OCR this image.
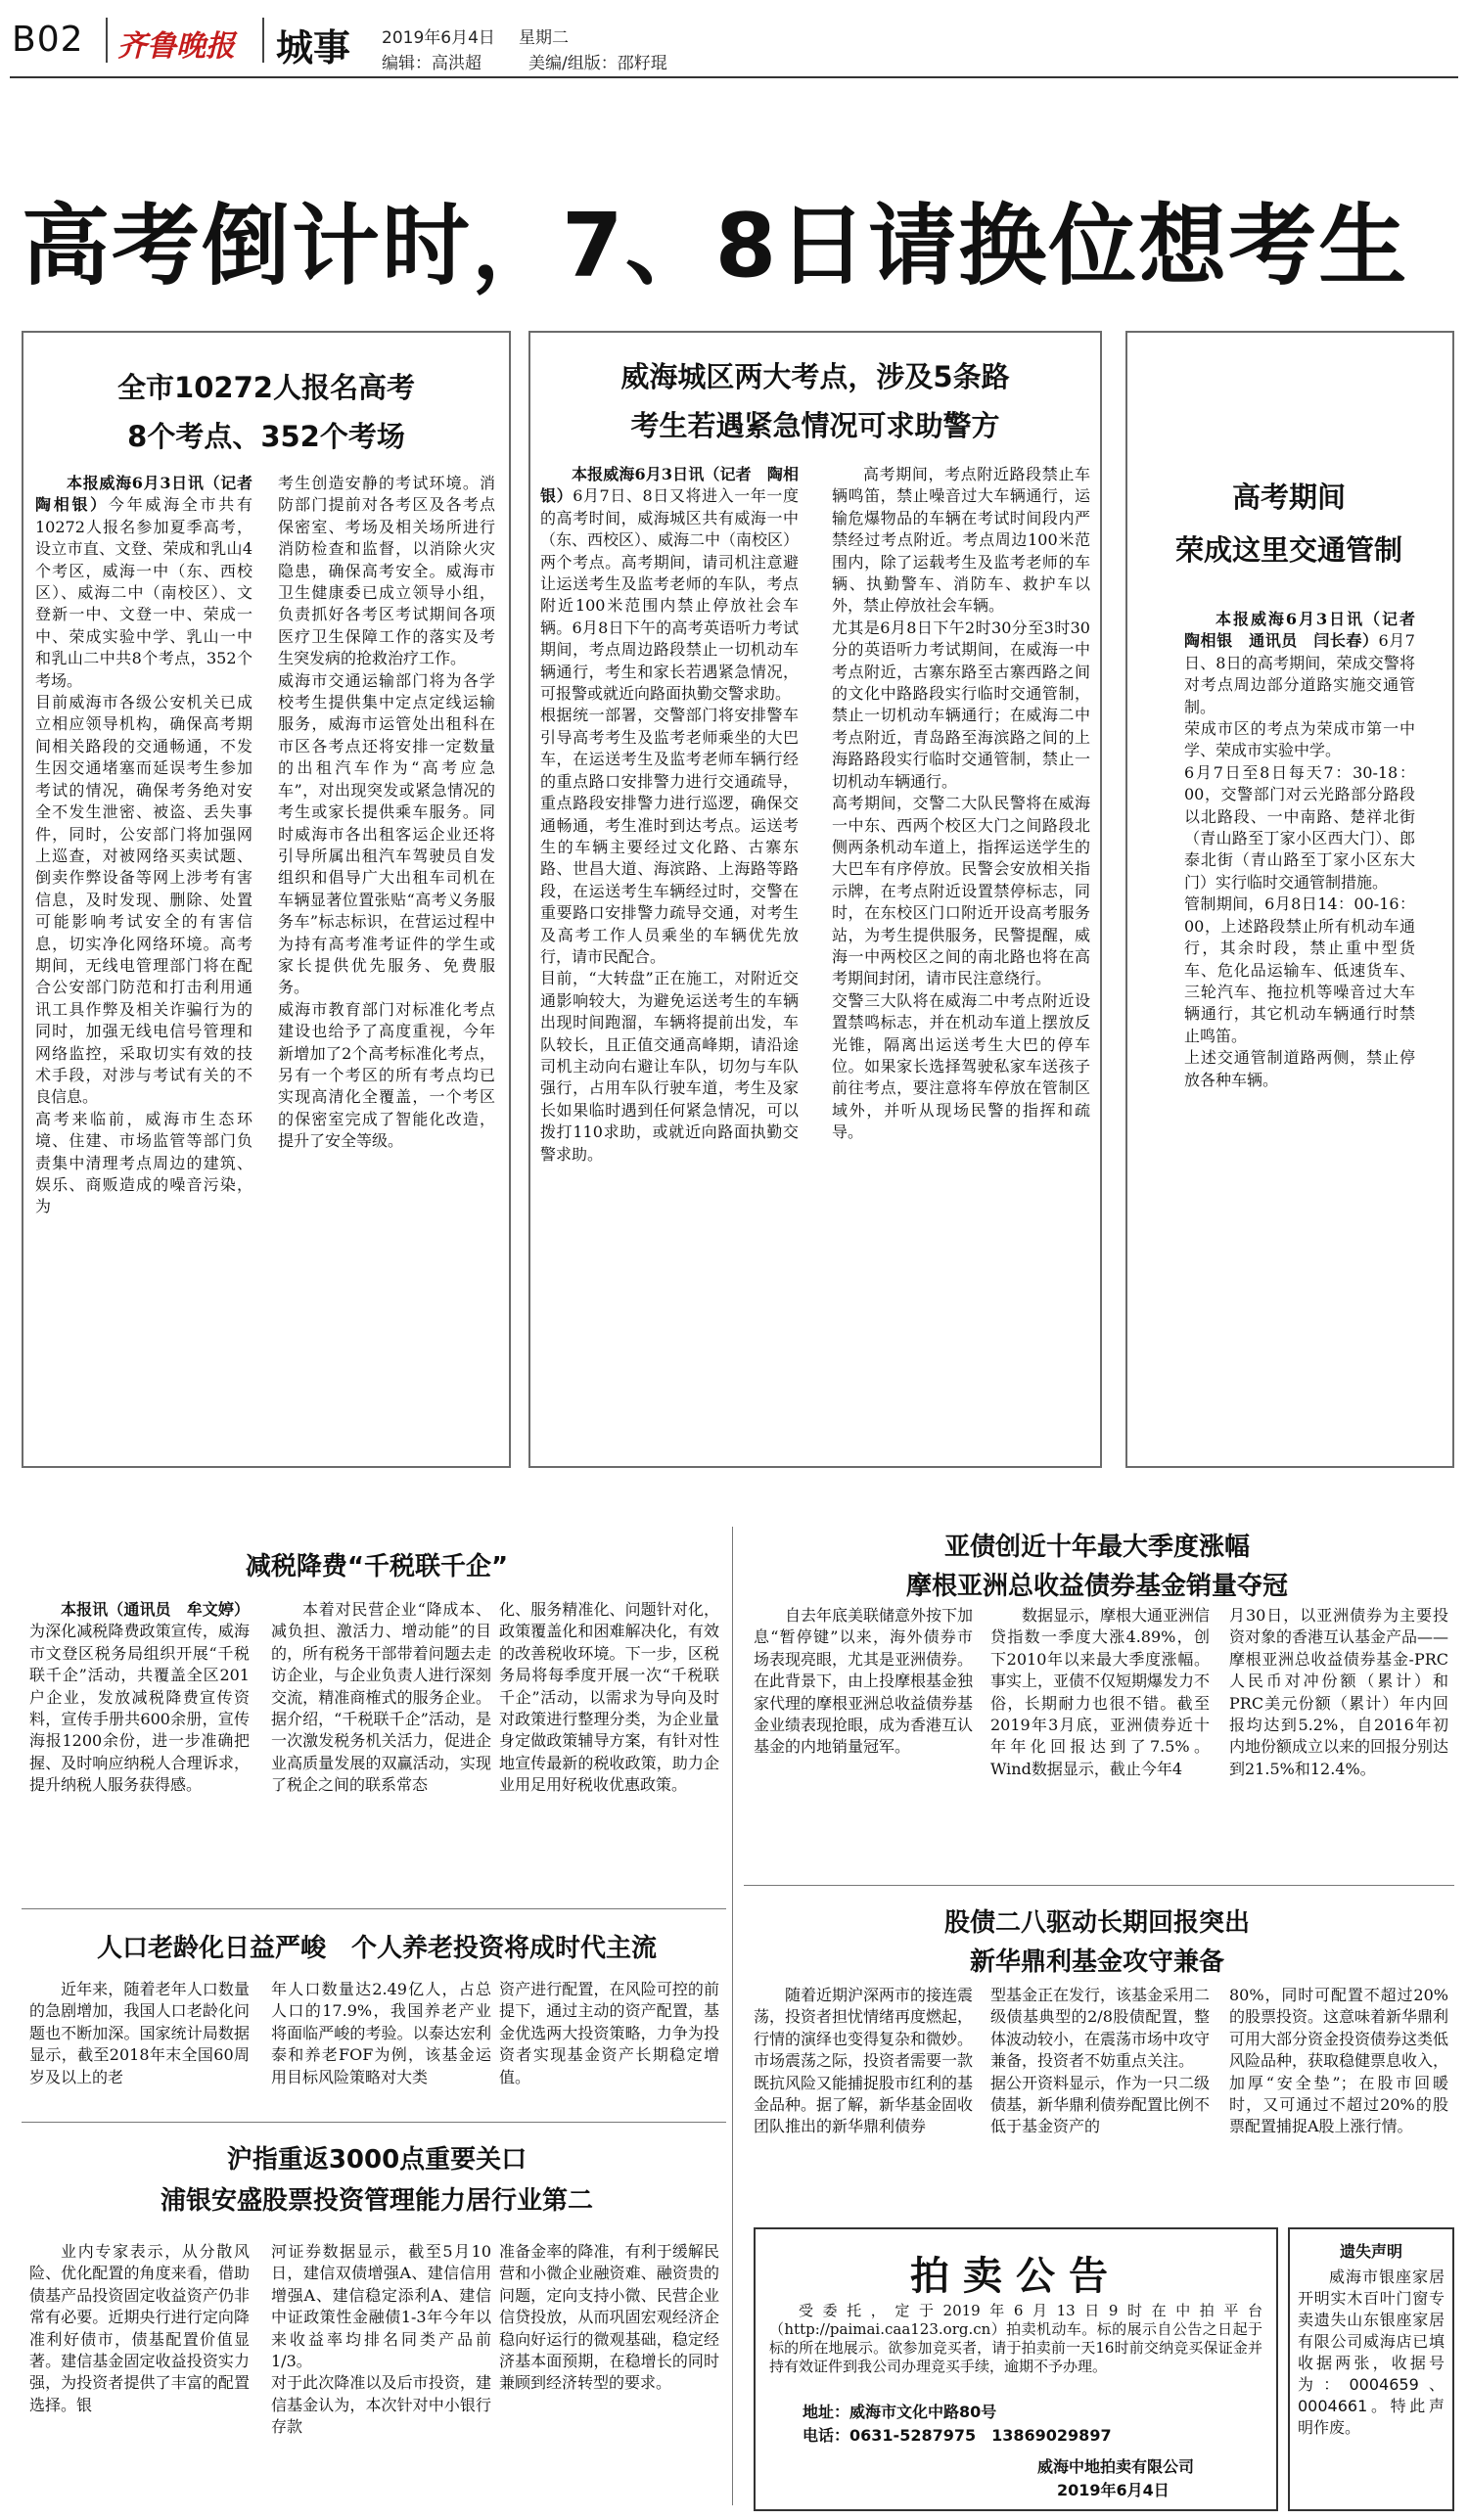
B02 齐鲁晚报 城事 2019年6月4日 星期二
编辑：高洪超	美编/组版：邵籽琨
高考倒计时，7、8日请换位想考生
全市10272人报名高考
8个考点、352个考场

本报威海6月3日讯（记者　陶相银）今年威海全市共有10272人报名参加夏季高考，设立市直、文登、荣成和乳山4个考区，威海一中（东、西校区）、威海二中（南校区）、文登新一中、文登一中、荣成一中、荣成实验中学、乳山一中和乳山二中共8个考点，352个考场。
目前威海市各级公安机关已成立相应领导机构，确保高考期间相关路段的交通畅通，不发生因交通堵塞而延误考生参加考试的情况，确保考务绝对安全不发生泄密、被盗、丢失事件，同时，公安部门将加强网上巡查，对被网络买卖试题、倒卖作弊设备等网上涉考有害信息，及时发现、删除、处置可能影响考试安全的有害信息，切实净化网络环境。高考期间，无线电管理部门将在配合公安部门防范和打击利用通讯工具作弊及相关诈骗行为的同时，加强无线电信号管理和网络监控，采取切实有效的技术手段，对涉与考试有关的不良信息。
高考来临前，威海市生态环境、住建、市场监管等部门负责集中清理考点周边的建筑、娱乐、商贩造成的噪音污染，为

考生创造安静的考试环境。消防部门提前对各考区及各考点保密室、考场及相关场所进行消防检查和监督，以消除火灾隐患，确保高考安全。威海市卫生健康委已成立领导小组，负责抓好各考区考试期间各项医疗卫生保障工作的落实及考生突发病的抢救治疗工作。
威海市交通运输部门将为各学校考生提供集中定点定线运输服务，威海市运管处出租科在市区各考点还将安排一定数量的出租汽车作为“高考应急车”，对出现突发或紧急情况的考生或家长提供乘车服务。同时威海市各出租客运企业还将引导所属出租汽车驾驶员自发组织和倡导广大出租车司机在车辆显著位置张贴“高考义务服务车”标志标识，在营运过程中为持有高考准考证件的学生或家长提供优先服务、免费服务。
威海市教育部门对标准化考点建设也给予了高度重视，今年新增加了2个高考标准化考点，另有一个考区的所有考点均已实现高清化全覆盖，一个考区的保密室完成了智能化改造，提升了安全等级。

威海城区两大考点，涉及5条路
考生若遇紧急情况可求助警方

本报威海6月3日讯（记者　陶相银）6月7日、8日又将进入一年一度的高考时间，威海城区共有威海一中（东、西校区）、威海二中（南校区）两个考点。高考期间，请司机注意避让运送考生及监考老师的车队，考点附近100米范围内禁止停放社会车辆。6月8日下午的高考英语听力考试期间，考点周边路段禁止一切机动车辆通行，考生和家长若遇紧急情况，可报警或就近向路面执勤交警求助。
根据统一部署，交警部门将安排警车引导高考考生及监考老师乘坐的大巴车，在运送考生及监考老师车辆行经的重点路口安排警力进行交通疏导，重点路段安排警力进行巡逻，确保交通畅通，考生准时到达考点。运送考生的车辆主要经过文化路、古寨东路、世昌大道、海滨路、上海路等路段，在运送考生车辆经过时，交警在重要路口安排警力疏导交通，对考生及高考工作人员乘坐的车辆优先放行，请市民配合。
目前，“大转盘”正在施工，对附近交通影响较大，为避免运送考生的车辆出现时间跑溜，车辆将提前出发，车队较长，且正值交通高峰期，请沿途司机主动向右避让车队，切勿与车队强行，占用车队行驶车道，考生及家长如果临时遇到任何紧急情况，可以拨打110求助，或就近向路面执勤交警求助。

高考期间，考点附近路段禁止车辆鸣笛，禁止噪音过大车辆通行，运输危爆物品的车辆在考试时间段内严禁经过考点附近。考点周边100米范围内，除了运载考生及监考老师的车辆、执勤警车、消防车、救护车以外，禁止停放社会车辆。
尤其是6月8日下午2时30分至3时30分的英语听力考试期间，在威海一中考点附近，古寨东路至古寨西路之间的文化中路路段实行临时交通管制，禁止一切机动车辆通行；在威海二中考点附近，青岛路至海滨路之间的上海路路段实行临时交通管制，禁止一切机动车辆通行。
高考期间，交警二大队民警将在威海一中东、西两个校区大门之间路段北侧两条机动车道上，指挥运送学生的大巴车有序停放。民警会安放相关指示牌，在考点附近设置禁停标志，同时，在东校区门口附近开设高考服务站，为考生提供服务，民警提醒，威海一中两校区之间的南北路也将在高考期间封闭，请市民注意绕行。
交警三大队将在威海二中考点附近设置禁鸣标志，并在机动车道上摆放反光锥，隔离出运送考生大巴的停车位。如果家长选择驾驶私家车送孩子前往考点，要注意将车停放在管制区域外，并听从现场民警的指挥和疏导。

高考期间
荣成这里交通管制

本报威海6月3日讯（记者　陶相银　通讯员　闫长春）6月7日、8日的高考期间，荣成交警将对考点周边部分道路实施交通管制。
荣成市区的考点为荣成市第一中学、荣成市实验中学。
6月7日至8日每天7：30-18：00，交警部门对云光路部分路段以北路段、一中南路、楚祥北街（青山路至丁家小区西大门）、郎泰北街（青山路至丁家小区东大门）实行临时交通管制措施。
管制期间，6月8日14：00-16：00，上述路段禁止所有机动车通行，其余时段，禁止重中型货车、危化品运输车、低速货车、三轮汽车、拖拉机等噪音过大车辆通行，其它机动车辆通行时禁止鸣笛。
上述交通管制道路两侧，禁止停放各种车辆。

减税降费“千税联千企”

本报讯（通讯员　牟文婷）为深化减税降费政策宣传，威海市文登区税务局组织开展“千税联千企”活动，共覆盖全区201户企业，发放减税降费宣传资料，宣传手册共600余册，宣传海报1200余份，进一步准确把握、及时响应纳税人合理诉求，提升纳税人服务获得感。

本着对民营企业“降成本、减负担、激活力、增动能”的目的，所有税务干部带着问题去走访企业，与企业负责人进行深刻交流，精准商榷式的服务企业。据介绍，“千税联千企”活动，是一次激发税务机关活力，促进企业高质量发展的双赢活动，实现了税企之间的联系常态

化、服务精准化、问题针对化，政策覆盖化和困难解决化，有效的改善税收环境。下一步，区税务局将每季度开展一次“千税联千企”活动，以需求为导向及时对政策进行整理分类，为企业量身定做政策辅导方案，有针对性地宣传最新的税收政策，助力企业用足用好税收优惠政策。

人口老龄化日益严峻　个人养老投资将成时代主流

近年来，随着老年人口数量的急剧增加，我国人口老龄化问题也不断加深。国家统计局数据显示，截至2018年末全国60周岁及以上的老

年人口数量达2.49亿人，占总人口的17.9%，我国养老产业将面临严峻的考验。以泰达宏利泰和养老FOF为例，该基金运用目标风险策略对大类

资产进行配置，在风险可控的前提下，通过主动的资产配置，基金优选两大投资策略，力争为投资者实现基金资产长期稳定增值。

沪指重返3000点重要关口
浦银安盛股票投资管理能力居行业第二

业内专家表示，从分散风险、优化配置的角度来看，借助债基产品投资固定收益资产仍非常有必要。近期央行进行定向降准利好债市，债基配置价值显著。建信基金固定收益投资实力强，为投资者提供了丰富的配置选择。银

河证券数据显示，截至5月10日，建信双债增强A、建信信用增强A、建信稳定添利A、建信中证政策性金融债1-3年今年以来收益率均排名同类产品前1/3。
对于此次降准以及后市投资，建信基金认为，本次针对中小银行存款

准备金率的降准，有利于缓解民营和小微企业融资难、融资贵的问题，定向支持小微、民营企业信贷投放，从而巩固宏观经济企稳向好运行的微观基础，稳定经济基本面预期，在稳增长的同时兼顾到经济转型的要求。

亚债创近十年最大季度涨幅
摩根亚洲总收益债券基金销量夺冠

自去年底美联储意外按下加息“暂停键”以来，海外债券市场表现亮眼，尤其是亚洲债券。在此背景下，由上投摩根基金独家代理的摩根亚洲总收益债券基金业绩表现抢眼，成为香港互认基金的内地销量冠军。

数据显示，摩根大通亚洲信贷指数一季度大涨4.89%，创下2010年以来最大季度涨幅。事实上，亚债不仅短期爆发力不俗，长期耐力也很不错。截至2019年3月底，亚洲债券近十年年化回报达到了7.5%。Wind数据显示，截止今年4

月30日，以亚洲债券为主要投资对象的香港互认基金产品——摩根亚洲总收益债券基金-PRC人民币对冲份额（累计）和PRC美元份额（累计）年内回报均达到5.2%，自2016年初内地份额成立以来的回报分别达到21.5%和12.4%。

股债二八驱动长期回报突出
新华鼎利基金攻守兼备

随着近期沪深两市的接连震荡，投资者担忧情绪再度燃起，行情的演绎也变得复杂和微妙。市场震荡之际，投资者需要一款既抗风险又能捕捉股市红利的基金品种。据了解，新华基金固收团队推出的新华鼎利债券

型基金正在发行，该基金采用二级债基典型的2/8股债配置，整体波动较小，在震荡市场中攻守兼备，投资者不妨重点关注。
据公开资料显示，作为一只二级债基，新华鼎利债券配置比例不低于基金资产的

80%，同时可配置不超过20%的股票投资。这意味着新华鼎利可用大部分资金投资债券这类低风险品种，获取稳健票息收入，加厚“安全垫”；在股市回暖时，又可通过不超过20%的股票配置捕捉A股上涨行情。

拍卖公告
受委托，定于2019年6月13日9时在中拍平台（http://paimai.caa123.org.cn）拍卖机动车。标的展示自公告之日起于标的所在地展示。欲参加竞买者，请于拍卖前一天16时前交纳竞买保证金并持有效证件到我公司办理竞买手续，逾期不予办理。
地址：威海市文化中路80号
电话：0631-5287975　13869029897
威海中地拍卖有限公司
2019年6月4日
遗失声明
威海市银座家居开明实木百叶门窗专卖遗失山东银座家居有限公司威海店已填收据两张，收据号为：0004659、0004661。特此声明作废。
